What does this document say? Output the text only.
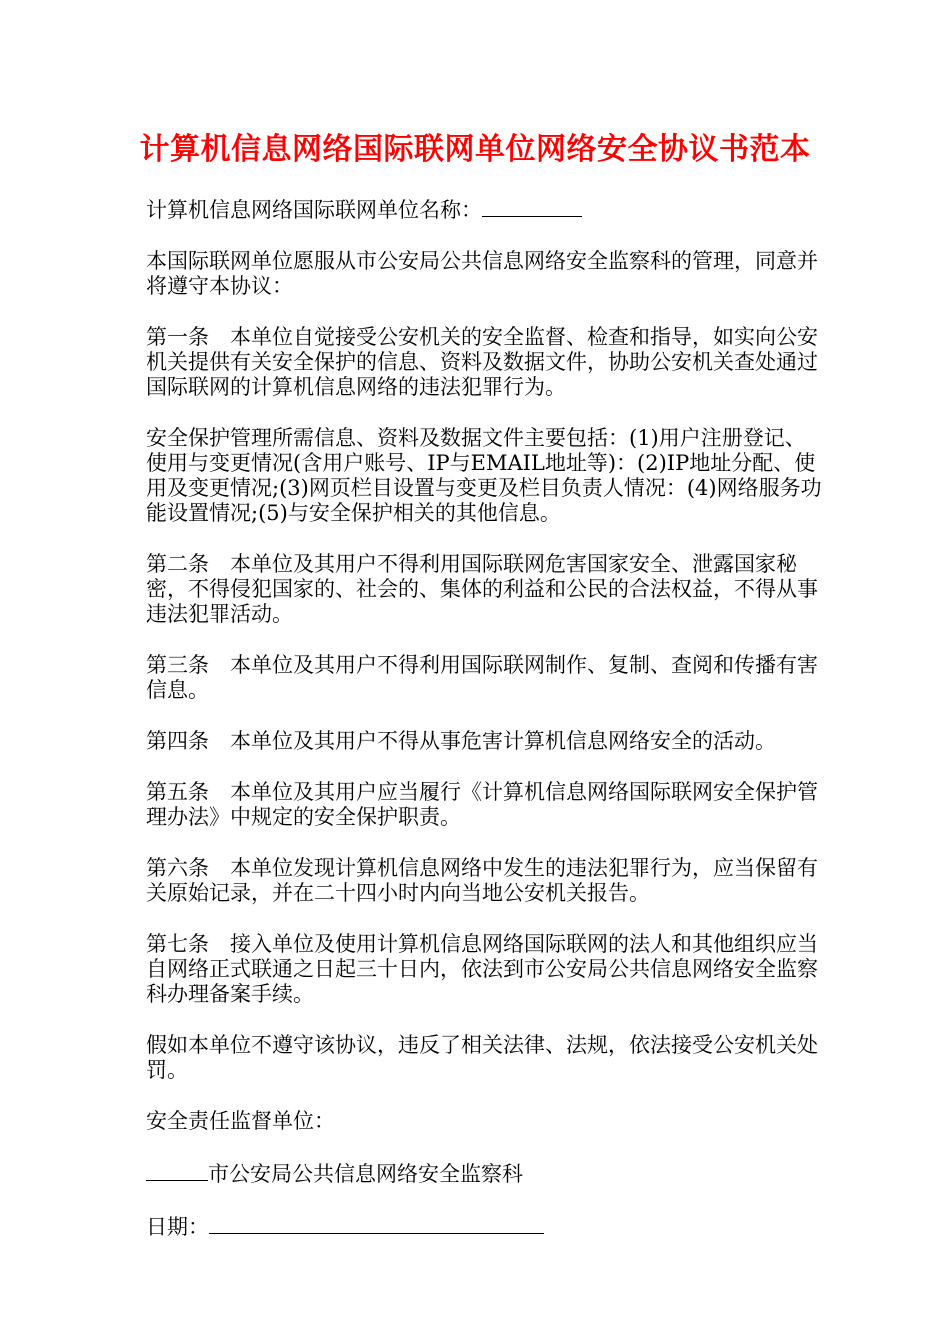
计算机信息网络国际联网单位网络安全协议书范本

计算机信息网络国际联网单位名称：

本国际联网单位愿服从市公安局公共信息网络安全监察科的管理，同意并将遵守本协议：

第一条　本单位自觉接受公安机关的安全监督、检查和指导，如实向公安机关提供有关安全保护的信息、资料及数据文件，协助公安机关查处通过国际联网的计算机信息网络的违法犯罪行为。

安全保护管理所需信息、资料及数据文件主要包括：(1)用户注册登记、使用与变更情况(含用户账号、IP与EMAIL地址等)：(2)IP地址分配、使用及变更情况;(3)网页栏目设置与变更及栏目负责人情况：(4)网络服务功能设置情况;(5)与安全保护相关的其他信息。

第二条　本单位及其用户不得利用国际联网危害国家安全、泄露国家秘密，不得侵犯国家的、社会的、集体的利益和公民的合法权益，不得从事违法犯罪活动。

第三条　本单位及其用户不得利用国际联网制作、复制、查阅和传播有害信息。

第四条　本单位及其用户不得从事危害计算机信息网络安全的活动。

第五条　本单位及其用户应当履行《计算机信息网络国际联网安全保护管理办法》中规定的安全保护职责。

第六条　本单位发现计算机信息网络中发生的违法犯罪行为，应当保留有关原始记录，并在二十四小时内向当地公安机关报告。

第七条　接入单位及使用计算机信息网络国际联网的法人和其他组织应当自网络正式联通之日起三十日内，依法到市公安局公共信息网络安全监察科办理备案手续。

假如本单位不遵守该协议，违反了相关法律、法规，依法接受公安机关处罚。

安全责任监督单位：

市公安局公共信息网络安全监察科

日期：
